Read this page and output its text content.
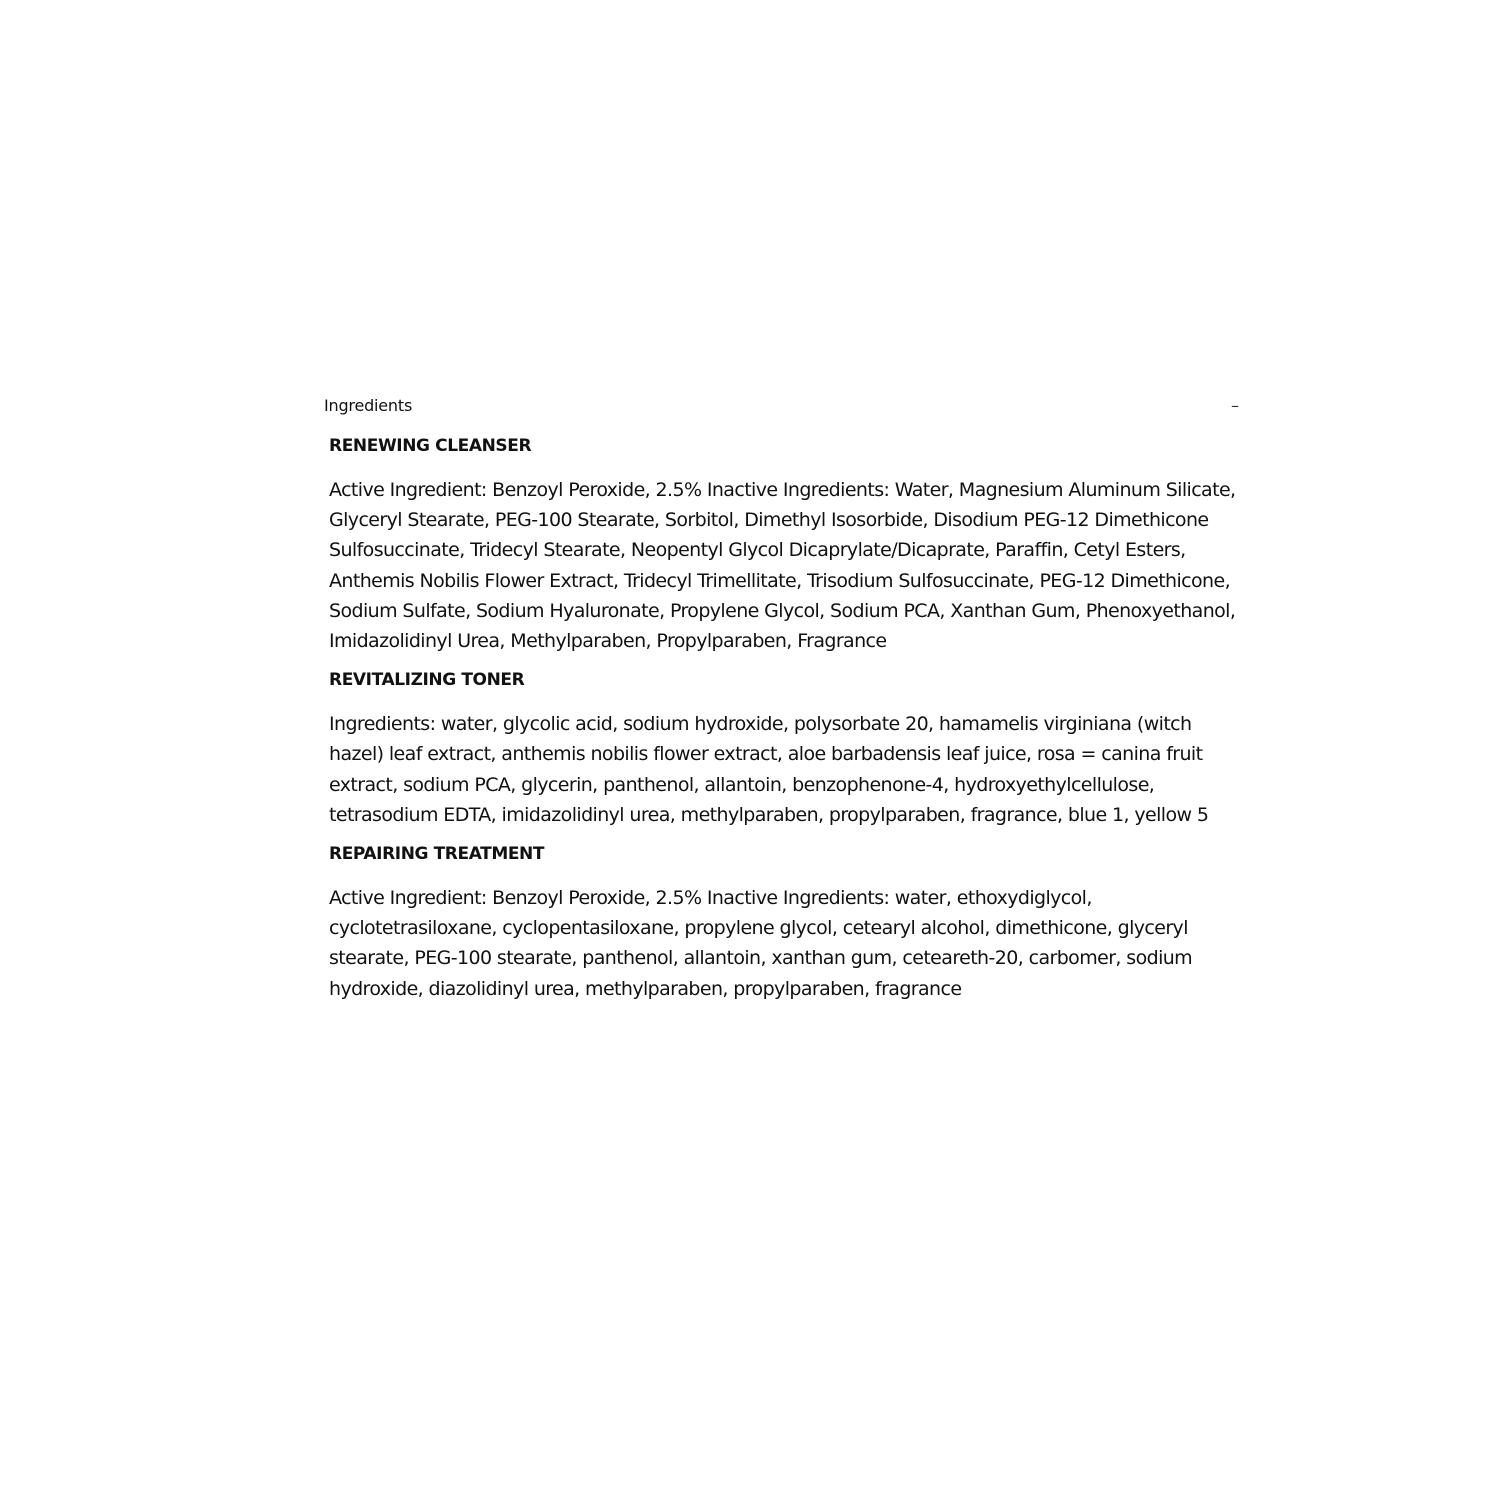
Ingredients	–
RENEWING CLEANSER

Active Ingredient: Benzoyl Peroxide, 2.5% Inactive Ingredients: Water, Magnesium Aluminum Silicate, Glyceryl Stearate, PEG-100 Stearate, Sorbitol, Dimethyl Isosorbide, Disodium PEG-12 Dimethicone Sulfosuccinate, Tridecyl Stearate, Neopentyl Glycol Dicaprylate/Dicaprate, Paraffin, Cetyl Esters, Anthemis Nobilis Flower Extract, Tridecyl Trimellitate, Trisodium Sulfosuccinate, PEG-12 Dimethicone, Sodium Sulfate, Sodium Hyaluronate, Propylene Glycol, Sodium PCA, Xanthan Gum, Phenoxyethanol, Imidazolidinyl Urea, Methylparaben, Propylparaben, Fragrance

REVITALIZING TONER

Ingredients: water, glycolic acid, sodium hydroxide, polysorbate 20, hamamelis virginiana (witch hazel) leaf extract, anthemis nobilis flower extract, aloe barbadensis leaf juice, rosa = canina fruit extract, sodium PCA, glycerin, panthenol, allantoin, benzophenone-4, hydroxyethylcellulose, tetrasodium EDTA, imidazolidinyl urea, methylparaben, propylparaben, fragrance, blue 1, yellow 5

REPAIRING TREATMENT

Active Ingredient: Benzoyl Peroxide, 2.5% Inactive Ingredients: water, ethoxydiglycol, cyclotetrasiloxane, cyclopentasiloxane, propylene glycol, cetearyl alcohol, dimethicone, glyceryl stearate, PEG-100 stearate, panthenol, allantoin, xanthan gum, ceteareth-20, carbomer, sodium hydroxide, diazolidinyl urea, methylparaben, propylparaben, fragrance
